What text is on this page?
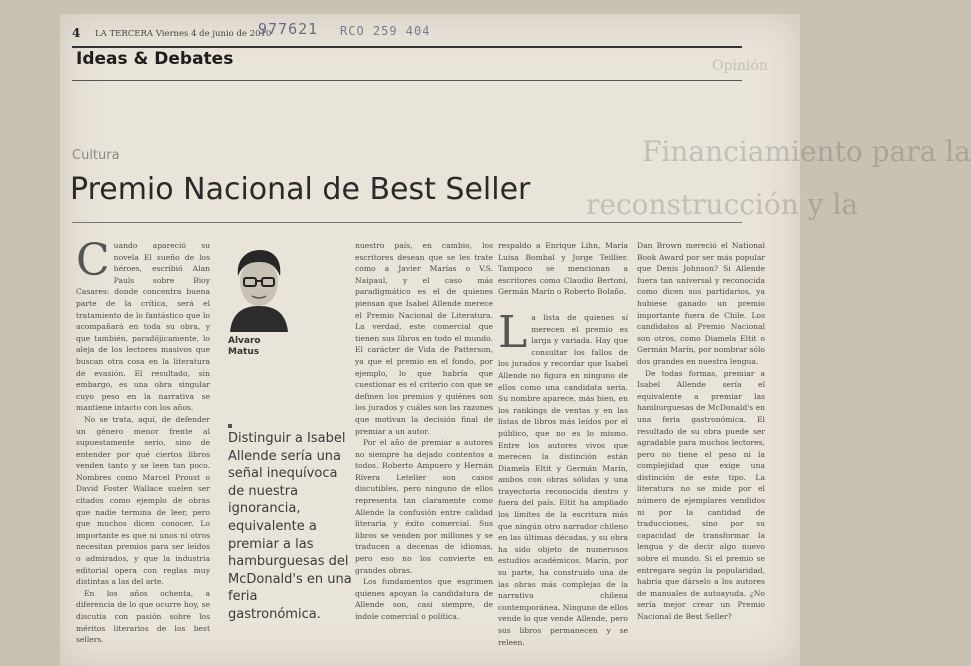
4 LA TERCERA Viernes 4 de junio de 2010
977621 RCO 259 404
Ideas & Debates	Opinión
Financiamiento para la
reconstrucción y la
Cultura
Premio Nacional de Best Seller
C uando apareció su novela El sueño de los héroes, escribió Alan Pauls sobre Bioy Casares: donde concentra buena parte de la crítica, será el tratamiento de lo fantástico que lo acompañará en toda su obra, y que también, paradójicamente, lo aleja de los lectores masivos que buscan otra cosa en la literatura de evasión. El resultado, sin embargo, es una obra singular cuyo peso en la narrativa se mantiene intacto con los años.
No se trata, aquí, de defender un género menor frente al supuestamente serio, sino de entender por qué ciertos libros venden tanto y se leen tan poco. Nombres como Marcel Proust o David Foster Wallace suelen ser citados como ejemplo de obras que nadie termina de leer, pero que muchos dicen conocer. Lo importante es que ni unos ni otros necesitan premios para ser leídos o admirados, y que la industria editorial opera con reglas muy distintas a las del arte.
En los años ochenta, a diferencia de lo que ocurre hoy, se discutía con pasión sobre los méritos literarios de los best sellers.
Alvaro
Matus
Distinguir a Isabel Allende sería una señal inequívoca de nuestra ignorancia, equivalente a premiar a las hamburguesas del McDonald's en una feria gastronómica.
nuestro país, en cambio, los escritores desean que se les trate como a Javier Marías o V.S. Naipaul, y el caso más paradigmático es el de quienes piensan que Isabel Allende merece el Premio Nacional de Literatura. La verdad, este comercial que tienen sus libros en todo el mundo. El carácter de Vida de Patterson, ya que el premio en el fondo, por ejemplo, lo que habría que cuestionar es el criterio con que se definen los premios y quiénes son los jurados y cuáles son las razones que motivan la decisión final de premiar a un autor.
Por el año de premiar a autores no siempre ha dejado contentos a todos. Roberto Ampuero y Hernán Rivera Letelier son casos discutibles, pero ninguno de ellos representa tan claramente como Allende la confusión entre calidad literaria y éxito comercial. Sus libros se venden por millones y se traducen a decenas de idiomas, pero eso no los convierte en grandes obras.
Los fundamentos que esgrimen quienes apoyan la candidatura de Allende son, casi siempre, de índole comercial o política.
respaldo a Enrique Lihn, María Luisa Bombal y Jorge Teillier. Tampoco se mencionan a escritores como Claudio Bertoni, Germán Marín o Roberto Bolaño.
L a lista de quienes sí merecen el premio es larga y variada. Hay que consultar los fallos de los jurados y recordar que Isabel Allende no figura en ninguno de ellos como una candidata seria. Su nombre aparece, más bien, en los rankings de ventas y en las listas de libros más leídos por el público, que no es lo mismo. Entre los autores vivos que merecen la distinción están Diamela Eltit y Germán Marín, ambos con obras sólidas y una trayectoria reconocida dentro y fuera del país. Eltit ha ampliado los límites de la escritura más que ningún otro narrador chileno en las últimas décadas, y su obra ha sido objeto de numerosos estudios académicos. Marín, por su parte, ha construido una de las obras más complejas de la narrativa chilena contemporánea. Ninguno de ellos vende lo que vende Allende, pero sus libros permanecen y se releen.
Dan Brown mereció el National Book Award por ser más popular que Denis Johnson? Si Allende fuera tan universal y reconocida como dicen sus partidarios, ya hubiese ganado un premio importante fuera de Chile. Los candidatos al Premio Nacional son otros, como Diamela Eltit o Germán Marín, por nombrar sólo dos grandes en nuestra lengua.
De todas formas, premiar a Isabel Allende sería el equivalente a premiar las hamburguesas de McDonald's en una feria gastronómica. El resultado de su obra puede ser agradable para muchos lectores, pero no tiene el peso ni la complejidad que exige una distinción de este tipo. La literatura no se mide por el número de ejemplares vendidos ni por la cantidad de traducciones, sino por su capacidad de transformar la lengua y de decir algo nuevo sobre el mundo. Si el premio se entregara según la popularidad, habría que dárselo a los autores de manuales de autoayuda. ¿No sería mejor crear un Premio Nacional de Best Seller?
